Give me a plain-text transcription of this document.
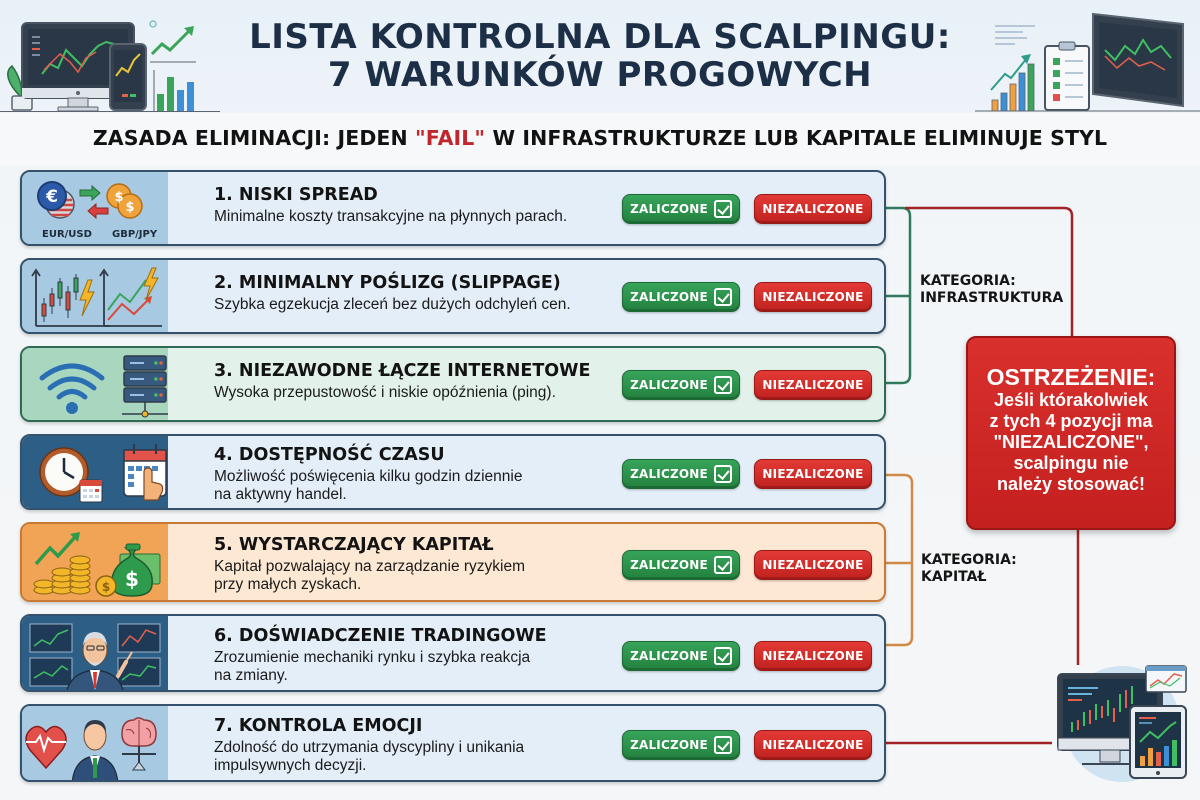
LISTA KONTROLNA DLA SCALPINGU:
7 WARUNKÓW PROGOWYCH
ZASADA ELIMINACJI: JEDEN "FAIL" W INFRASTRUKTURZE LUB KAPITALE ELIMINUJE STYL
€	$
$
EUR/USD GBP/JPY
1. NISKI SPREAD
Minimalne koszty transakcyjne na płynnych parach.	ZALICZONE	NIEZALICZONE
2. MINIMALNY POŚLIZG (SLIPPAGE)
Szybka egzekucja zleceń bez dużych odchyleń cen.	ZALICZONE	NIEZALICZONE
3. NIEZAWODNE ŁĄCZE INTERNETOWE
Wysoka przepustowość i niskie opóźnienia (ping).	ZALICZONE	NIEZALICZONE
4. DOSTĘPNOŚĆ CZASU
Możliwość poświęcenia kilku godzin dziennie
na aktywny handel.
ZALICZONE	NIEZALICZONE
$
$
5. WYSTARCZAJĄCY KAPITAŁ
Kapitał pozwalający na zarządzanie ryzykiem
przy małych zyskach.
ZALICZONE	NIEZALICZONE
6. DOŚWIADCZENIE TRADINGOWE
Zrozumienie mechaniki rynku i szybka reakcja
na zmiany.
ZALICZONE	NIEZALICZONE
7. KONTROLA EMOCJI
Zdolność do utrzymania dyscypliny i unikania
impulsywnych decyzji.
ZALICZONE	NIEZALICZONE
KATEGORIA:
INFRASTRUKTURA
KATEGORIA:
KAPITAŁ
OSTRZEŻENIE:
Jeśli którakolwiek
z tych 4 pozycji ma
"NIEZALICZONE",
scalpingu nie
należy stosować!
